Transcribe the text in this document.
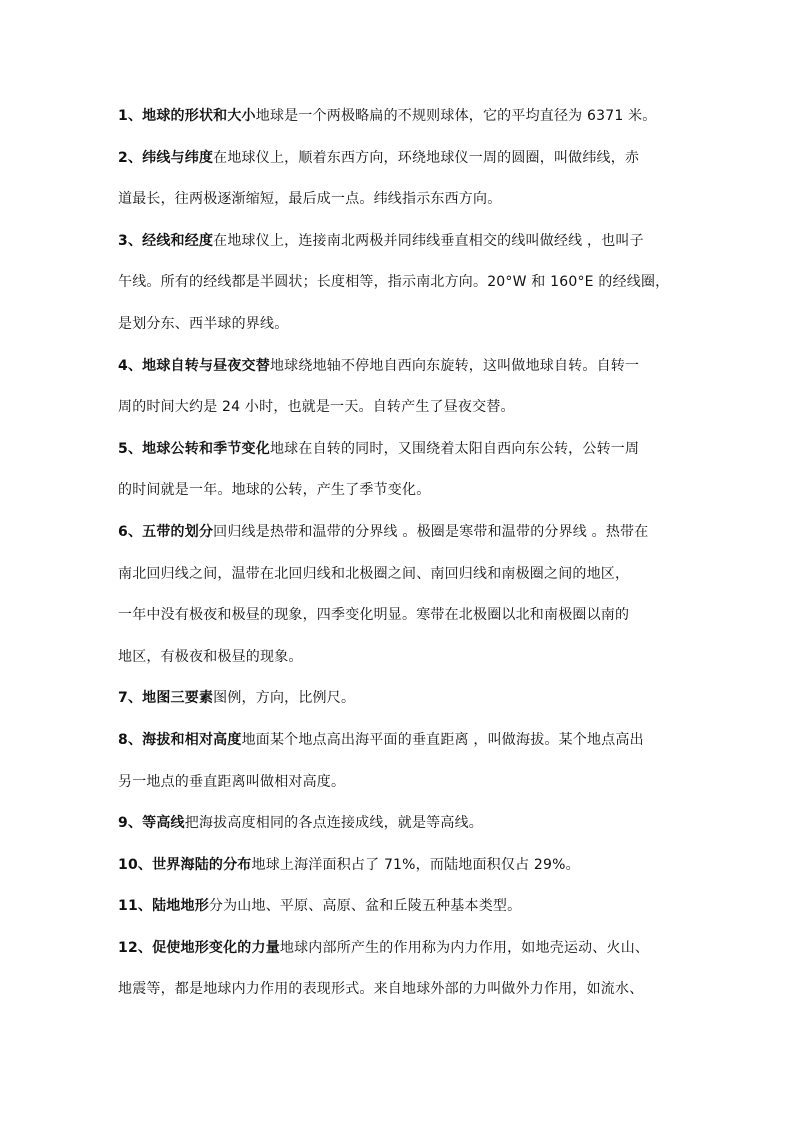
1、地球的形状和大小地球是一个两极略扁的不规则球体，它的平均直径为 6371 米。
2、纬线与纬度在地球仪上，顺着东西方向，环绕地球仪一周的圆圈，叫做纬线，赤
道最长，往两极逐渐缩短，最后成一点。纬线指示东西方向。
3、经线和经度在地球仪上，连接南北两极并同纬线垂直相交的线叫做经线 ，也叫子
午线。所有的经线都是半圆状；长度相等，指示南北方向。20°W 和 160°E 的经线圈，
是划分东、西半球的界线。
4、地球自转与昼夜交替地球绕地轴不停地自西向东旋转，这叫做地球自转。自转一
周的时间大约是 24 小时，也就是一天。自转产生了昼夜交替。
5、地球公转和季节变化地球在自转的同时，又围绕着太阳自西向东公转，公转一周
的时间就是一年。地球的公转，产生了季节变化。
6、五带的划分回归线是热带和温带的分界线 。极圈是寒带和温带的分界线 。热带在
南北回归线之间，温带在北回归线和北极圈之间、南回归线和南极圈之间的地区，
一年中没有极夜和极昼的现象，四季变化明显。寒带在北极圈以北和南极圈以南的
地区，有极夜和极昼的现象。
7、地图三要素图例，方向，比例尺。
8、海拔和相对高度地面某个地点高出海平面的垂直距离 ，叫做海拔。某个地点高出
另一地点的垂直距离叫做相对高度。
9、等高线把海拔高度相同的各点连接成线，就是等高线。
10、世界海陆的分布地球上海洋面积占了 71%，而陆地面积仅占 29%。
11、陆地地形分为山地、平原、高原、盆和丘陵五种基本类型。
12、促使地形变化的力量地球内部所产生的作用称为内力作用，如地壳运动、火山、
地震等，都是地球内力作用的表现形式。来自地球外部的力叫做外力作用，如流水、
